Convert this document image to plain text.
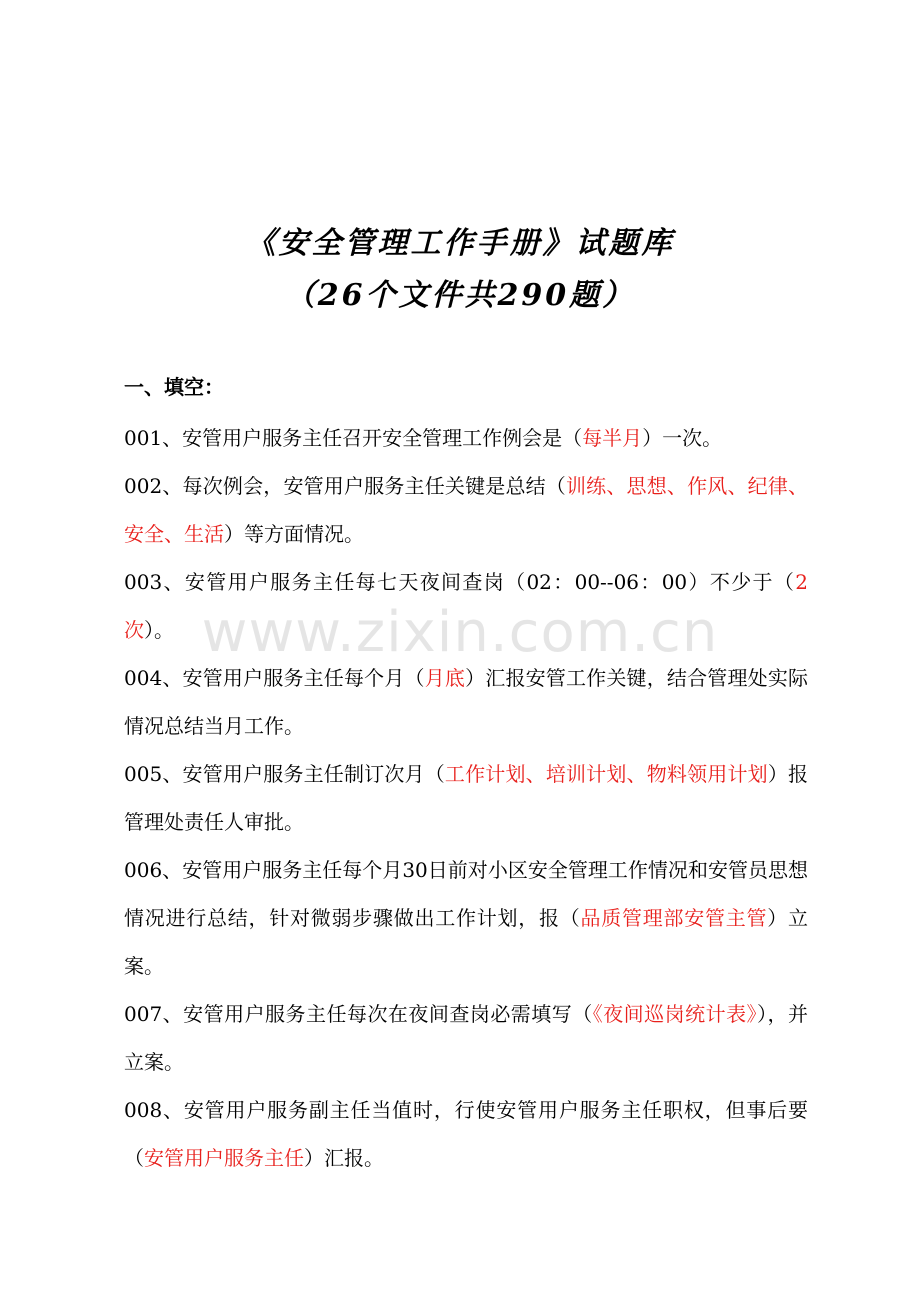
《安全管理工作手册》试题库
（26个文件共290题）
一、填空：

001、安管用户服务主任召开安全管理工作例会是（每半月）一次。

002、每次例会，安管用户服务主任关键是总结（训练、思想、作风、纪律、安全、生活）等方面情况。

003、安管用户服务主任每七天夜间查岗（02：00--06：00）不少于（2次）。

004、安管用户服务主任每个月（月底）汇报安管工作关键，结合管理处实际情况总结当月工作。

005、安管用户服务主任制订次月（工作计划、培训计划、物料领用计划）报管理处责任人审批。

006、安管用户服务主任每个月30日前对小区安全管理工作情况和安管员思想情况进行总结，针对微弱步骤做出工作计划，报（品质管理部安管主管）立案。

007、安管用户服务主任每次在夜间查岗必需填写（《夜间巡岗统计表》），并立案。

008、安管用户服务副主任当值时，行使安管用户服务主任职权，但事后要（安管用户服务主任）汇报。

www.zixin.com.cn
